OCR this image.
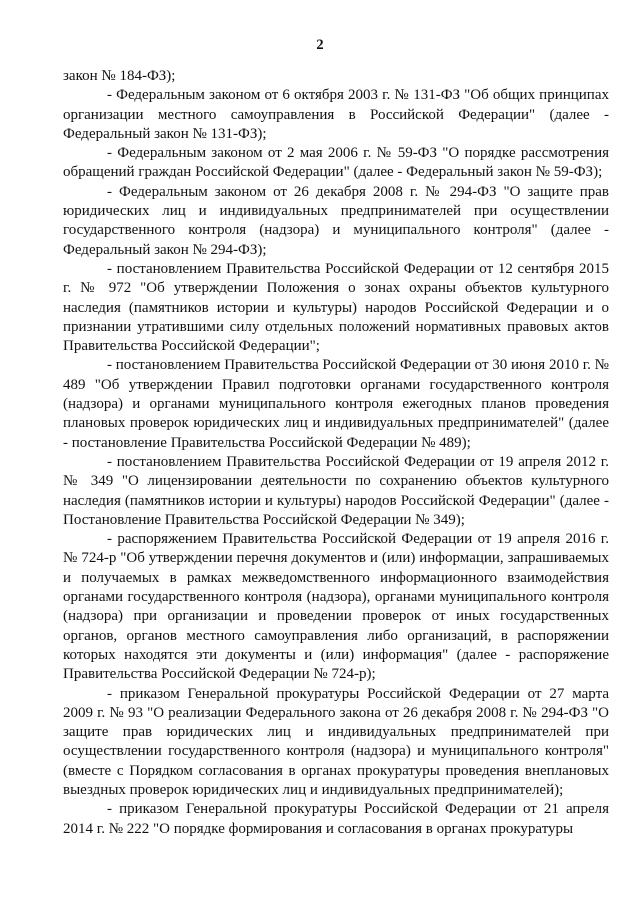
2

закон № 184-ФЗ);

- Федеральным законом от 6 октября 2003 г. № 131-ФЗ "Об общих принципах организации местного самоуправления в Российской Федерации" (далее - Федеральный закон № 131-ФЗ);

- Федеральным законом от 2 мая 2006 г. № 59-ФЗ "О порядке рассмотрения обращений граждан Российской Федерации" (далее - Федеральный закон № 59-ФЗ);

- Федеральным законом от 26 декабря 2008 г. № 294-ФЗ "О защите прав юридических лиц и индивидуальных предпринимателей при осуществлении государственного контроля (надзора) и муниципального контроля" (далее - Федеральный закон № 294-ФЗ);

- постановлением Правительства Российской Федерации от 12 сентября 2015 г. № 972 "Об утверждении Положения о зонах охраны объектов культурного наследия (памятников истории и культуры) народов Российской Федерации и о признании утратившими силу отдельных положений нормативных правовых актов Правительства Российской Федерации";

- постановлением Правительства Российской Федерации от 30 июня 2010 г. № 489 "Об утверждении Правил подготовки органами государственного контроля (надзора) и органами муниципального контроля ежегодных планов проведения плановых проверок юридических лиц и индивидуальных предпринимателей" (далее - постановление Правительства Российской Федерации № 489);

- постановлением Правительства Российской Федерации от 19 апреля 2012 г. № 349 "О лицензировании деятельности по сохранению объектов культурного наследия (памятников истории и культуры) народов Российской Федерации" (далее - Постановление Правительства Российской Федерации № 349);

- распоряжением Правительства Российской Федерации от 19 апреля 2016 г. № 724-р "Об утверждении перечня документов и (или) информации, запрашиваемых и получаемых в рамках межведомственного информационного взаимодействия органами государственного контроля (надзора), органами муниципального контроля (надзора) при организации и проведении проверок от иных государственных органов, органов местного самоуправления либо организаций, в распоряжении которых находятся эти документы и (или) информация" (далее - распоряжение Правительства Российской Федерации № 724-р);

- приказом Генеральной прокуратуры Российской Федерации от 27 марта 2009 г. № 93 "О реализации Федерального закона от 26 декабря 2008 г. № 294-ФЗ "О защите прав юридических лиц и индивидуальных предпринимателей при осуществлении государственного контроля (надзора) и муниципального контроля" (вместе с Порядком согласования в органах прокуратуры проведения внеплановых выездных проверок юридических лиц и индивидуальных предпринимателей);

- приказом Генеральной прокуратуры Российской Федерации от 21 апреля 2014 г. № 222 "О порядке формирования и согласования в органах прокуратуры
